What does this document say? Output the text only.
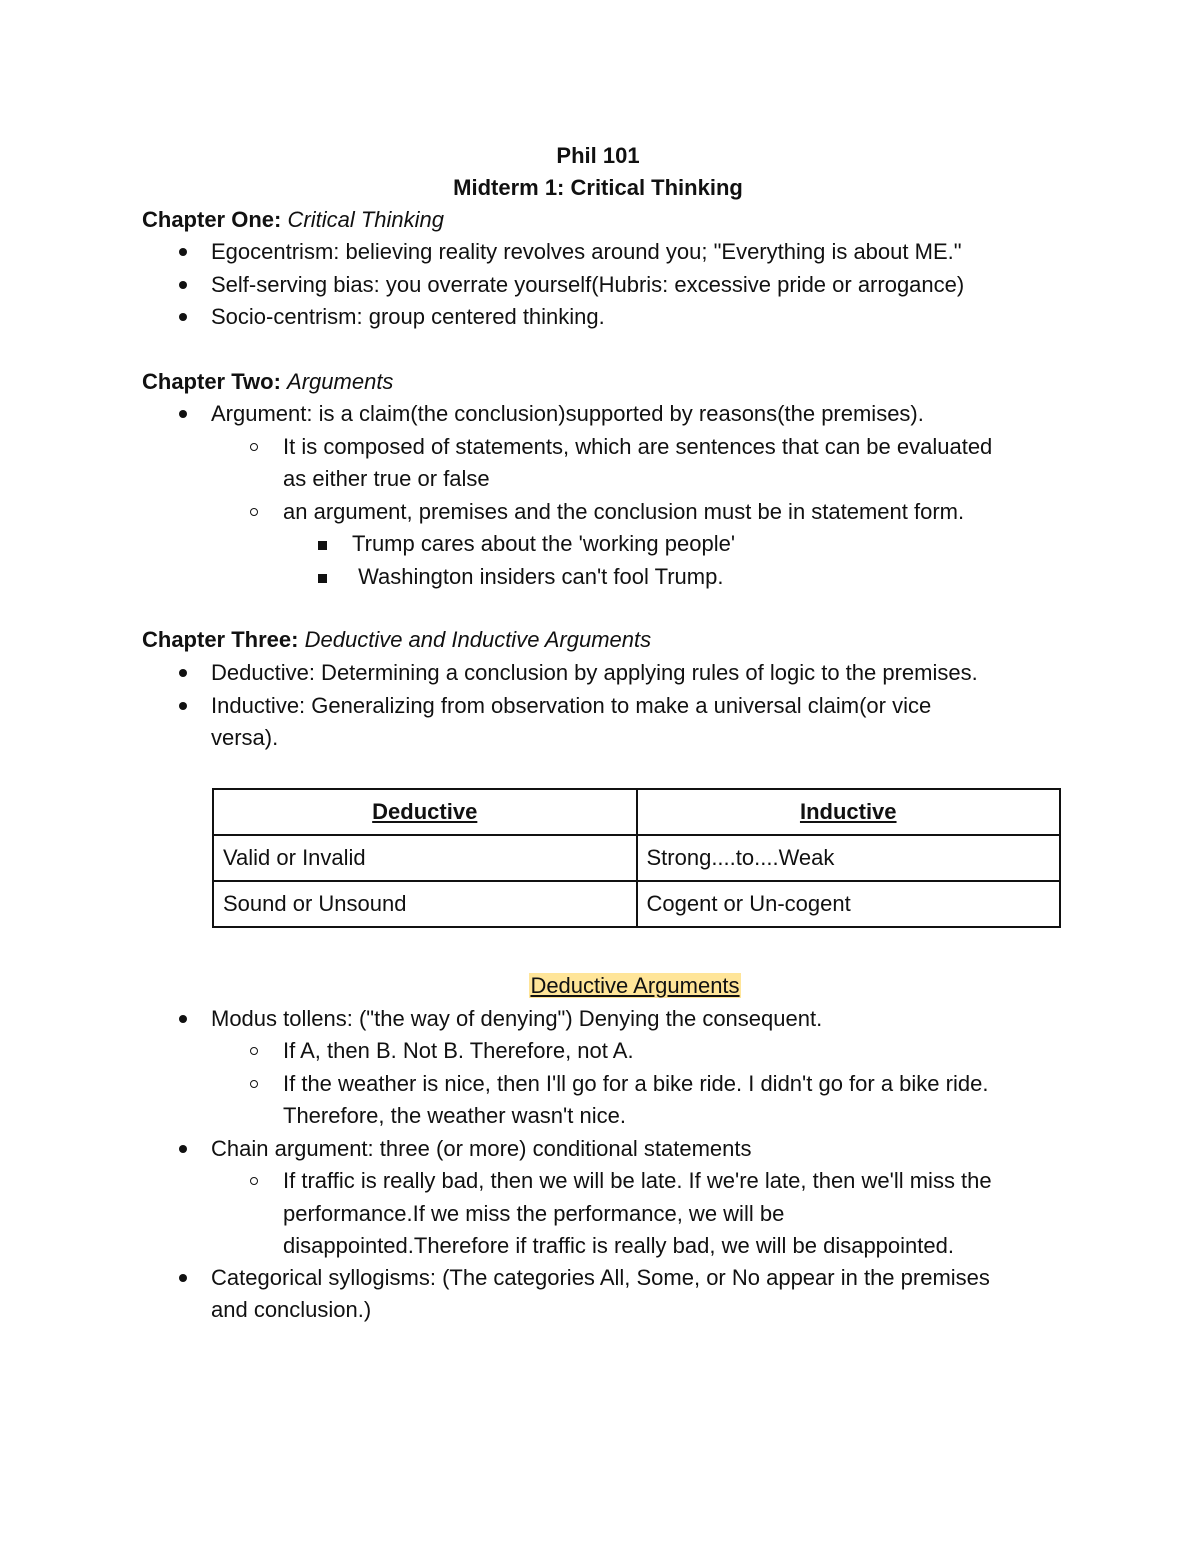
Phil 101
Midterm 1: Critical Thinking
Chapter One: Critical Thinking
Egocentrism: believing reality revolves around you; "Everything is about ME."
Self-serving bias: you overrate yourself(Hubris: excessive pride or arrogance)
Socio-centrism: group centered thinking.
Chapter Two: Arguments
Argument: is a claim(the conclusion)supported by reasons(the premises).
It is composed of statements, which are sentences that can be evaluated
as either true or false
an argument, premises and the conclusion must be in statement form.
Trump cares about the 'working people'
Washington insiders can't fool Trump.
Chapter Three: Deductive and Inductive Arguments
Deductive: Determining a conclusion by applying rules of logic to the premises.
Inductive: Generalizing from observation to make a universal claim(or vice
versa).
Deductive	Inductive
Valid or Invalid	Strong....to....Weak
Sound or Unsound	Cogent or Un-cogent
Deductive Arguments
Modus tollens: ("the way of denying") Denying the consequent.
If A, then B. Not B. Therefore, not A.
If the weather is nice, then I'll go for a bike ride. I didn't go for a bike ride.
Therefore, the weather wasn't nice.
Chain argument: three (or more) conditional statements
If traffic is really bad, then we will be late. If we're late, then we'll miss the
performance.If we miss the performance, we will be
disappointed.Therefore if traffic is really bad, we will be disappointed.
Categorical syllogisms: (The categories All, Some, or No appear in the premises
and conclusion.)
